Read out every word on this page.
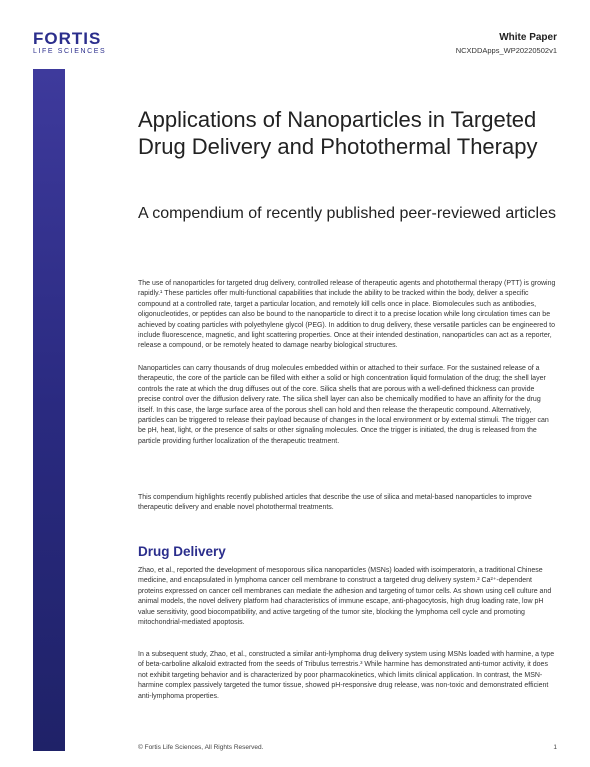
FORTIS
LIFE SCIENCES
White Paper
NCXDDApps_WP20220502v1
Applications of Nanoparticles in Targeted Drug Delivery and Photothermal Therapy
A compendium of recently published peer-reviewed articles

The use of nanoparticles for targeted drug delivery, controlled release of therapeutic agents and photothermal therapy (PTT) is growing rapidly.¹ These particles offer multi-functional capabilities that include the ability to be tracked within the body, deliver a specific compound at a controlled rate, target a particular location, and remotely kill cells once in place. Biomolecules such as antibodies, oligonucleotides, or peptides can also be bound to the nanoparticle to direct it to a precise location while long circulation times can be achieved by coating particles with polyethylene glycol (PEG). In addition to drug delivery, these versatile particles can be engineered to include fluorescence, magnetic, and light scattering properties. Once at their intended destination, nanoparticles can act as a reporter, release a compound, or be remotely heated to damage nearby biological structures.

Nanoparticles can carry thousands of drug molecules embedded within or attached to their surface. For the sustained release of a therapeutic, the core of the particle can be filled with either a solid or high concentration liquid formulation of the drug; the shell layer controls the rate at which the drug diffuses out of the core. Silica shells that are porous with a well-defined thickness can provide precise control over the diffusion delivery rate. The silica shell layer can also be chemically modified to have an affinity for the drug itself. In this case, the large surface area of the porous shell can hold and then release the therapeutic compound. Alternatively, particles can be triggered to release their payload because of changes in the local environment or by external stimuli. The trigger can be pH, heat, light, or the presence of salts or other signaling molecules. Once the trigger is initiated, the drug is released from the particle providing further localization of the therapeutic treatment.

This compendium highlights recently published articles that describe the use of silica and metal-based nanoparticles to improve therapeutic delivery and enable novel photothermal treatments.

Drug Delivery

Zhao, et al., reported the development of mesoporous silica nanoparticles (MSNs) loaded with isoimperatorin, a traditional Chinese medicine, and encapsulated in lymphoma cancer cell membrane to construct a targeted drug delivery system.² Ca²⁺-dependent proteins expressed on cancer cell membranes can mediate the adhesion and targeting of tumor cells. As shown using cell culture and animal models, the novel delivery platform had characteristics of immune escape, anti-phagocytosis, high drug loading rate, low pH value sensitivity, good biocompatibility, and active targeting of the tumor site, blocking the lymphoma cell cycle and promoting mitochondrial-mediated apoptosis.

In a subsequent study, Zhao, et al., constructed a similar anti-lymphoma drug delivery system using MSNs loaded with harmine, a type of beta-carboline alkaloid extracted from the seeds of Tribulus terrestris.³ While harmine has demonstrated anti-tumor activity, it does not exhibit targeting behavior and is characterized by poor pharmacokinetics, which limits clinical application. In contrast, the MSN-harmine complex passively targeted the tumor tissue, showed pH-responsive drug release, was non-toxic and demonstrated efficient anti-lymphoma properties.

© Fortis Life Sciences, All Rights Reserved.	1
